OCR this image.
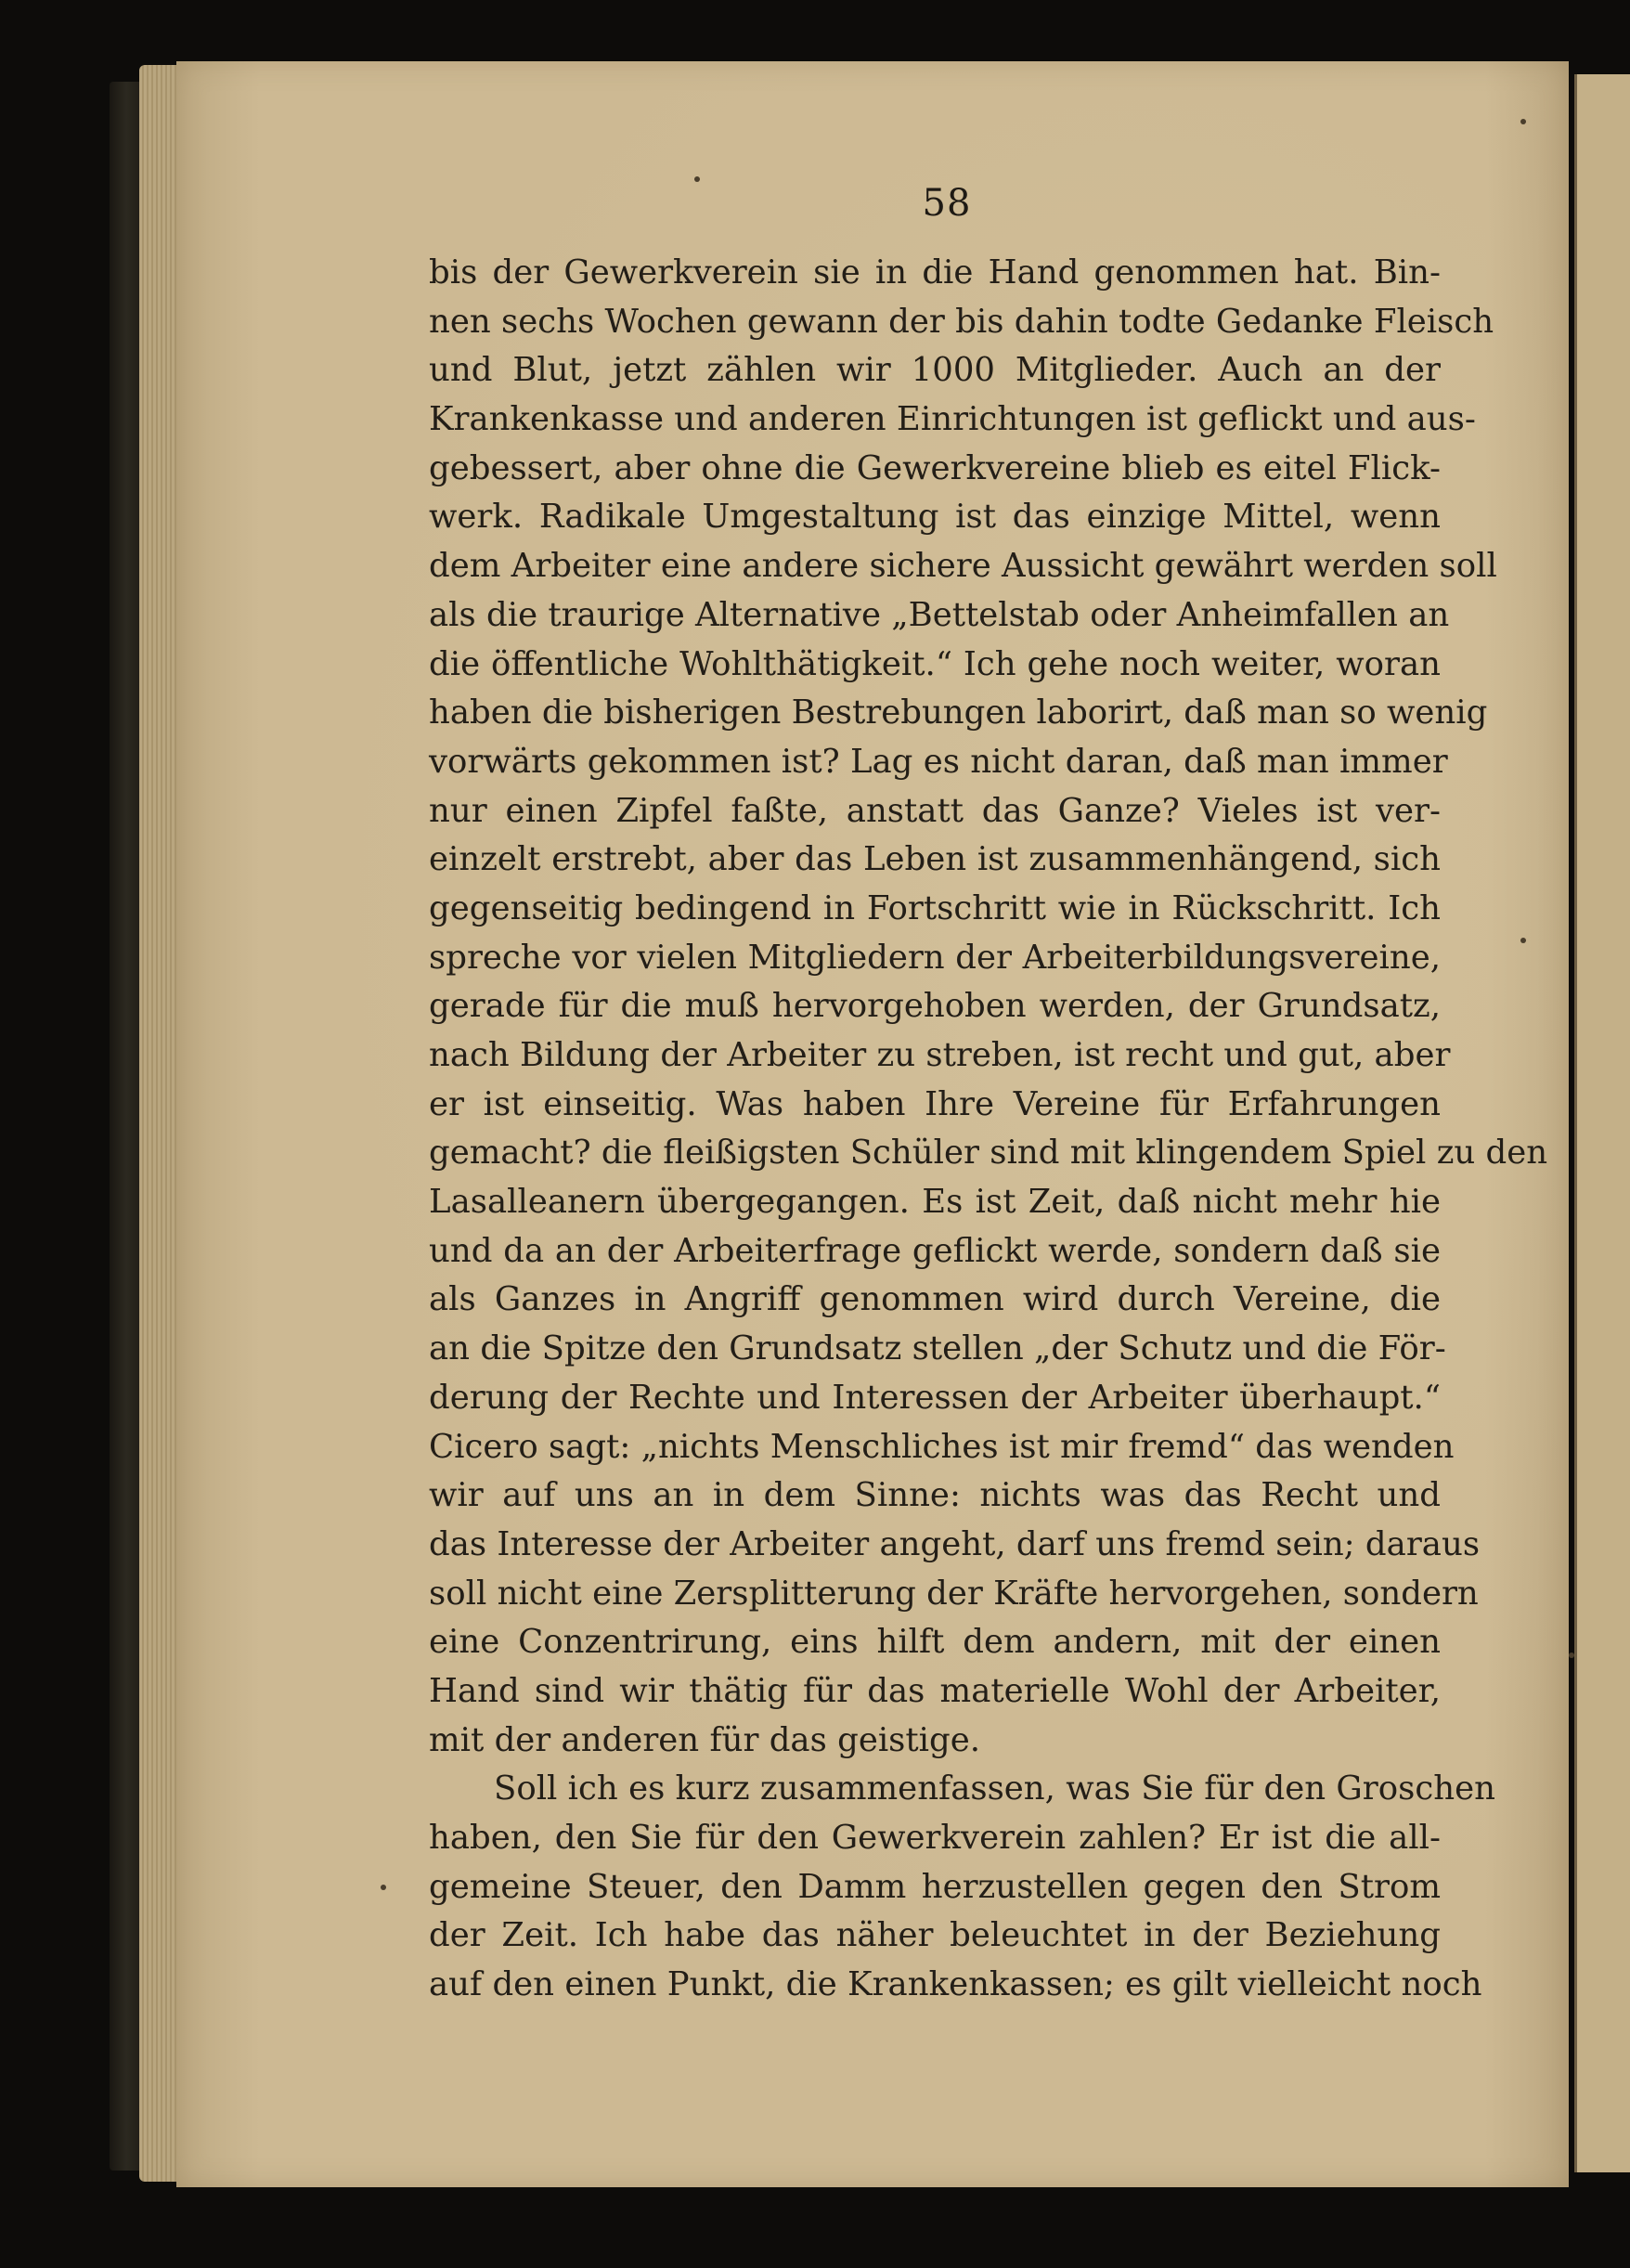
58
bis der Gewerkverein sie in die Hand genommen hat. Bin-
nen sechs Wochen gewann der bis dahin todte Gedanke Fleisch
und Blut, jetzt zählen wir 1000 Mitglieder. Auch an der
Krankenkasse und anderen Einrichtungen ist geflickt und aus-
gebessert, aber ohne die Gewerkvereine blieb es eitel Flick-
werk. Radikale Umgestaltung ist das einzige Mittel, wenn
dem Arbeiter eine andere sichere Aussicht gewährt werden soll
als die traurige Alternative „Bettelstab oder Anheimfallen an
die öffentliche Wohlthätigkeit.“ Ich gehe noch weiter, woran
haben die bisherigen Bestrebungen laborirt, daß man so wenig
vorwärts gekommen ist? Lag es nicht daran, daß man immer
nur einen Zipfel faßte, anstatt das Ganze? Vieles ist ver-
einzelt erstrebt, aber das Leben ist zusammenhängend, sich
gegenseitig bedingend in Fortschritt wie in Rückschritt. Ich
spreche vor vielen Mitgliedern der Arbeiterbildungsvereine,
gerade für die muß hervorgehoben werden, der Grundsatz,
nach Bildung der Arbeiter zu streben, ist recht und gut, aber
er ist einseitig. Was haben Ihre Vereine für Erfahrungen
gemacht? die fleißigsten Schüler sind mit klingendem Spiel zu den
Lasalleanern übergegangen. Es ist Zeit, daß nicht mehr hie
und da an der Arbeiterfrage geflickt werde, sondern daß sie
als Ganzes in Angriff genommen wird durch Vereine, die
an die Spitze den Grundsatz stellen „der Schutz und die För-
derung der Rechte und Interessen der Arbeiter überhaupt.“
Cicero sagt: „nichts Menschliches ist mir fremd“ das wenden
wir auf uns an in dem Sinne: nichts was das Recht und
das Interesse der Arbeiter angeht, darf uns fremd sein; daraus
soll nicht eine Zersplitterung der Kräfte hervorgehen, sondern
eine Conzentrirung, eins hilft dem andern, mit der einen
Hand sind wir thätig für das materielle Wohl der Arbeiter,
mit der anderen für das geistige.
Soll ich es kurz zusammenfassen, was Sie für den Groschen
haben, den Sie für den Gewerkverein zahlen? Er ist die all-
gemeine Steuer, den Damm herzustellen gegen den Strom
der Zeit. Ich habe das näher beleuchtet in der Beziehung
auf den einen Punkt, die Krankenkassen; es gilt vielleicht noch
